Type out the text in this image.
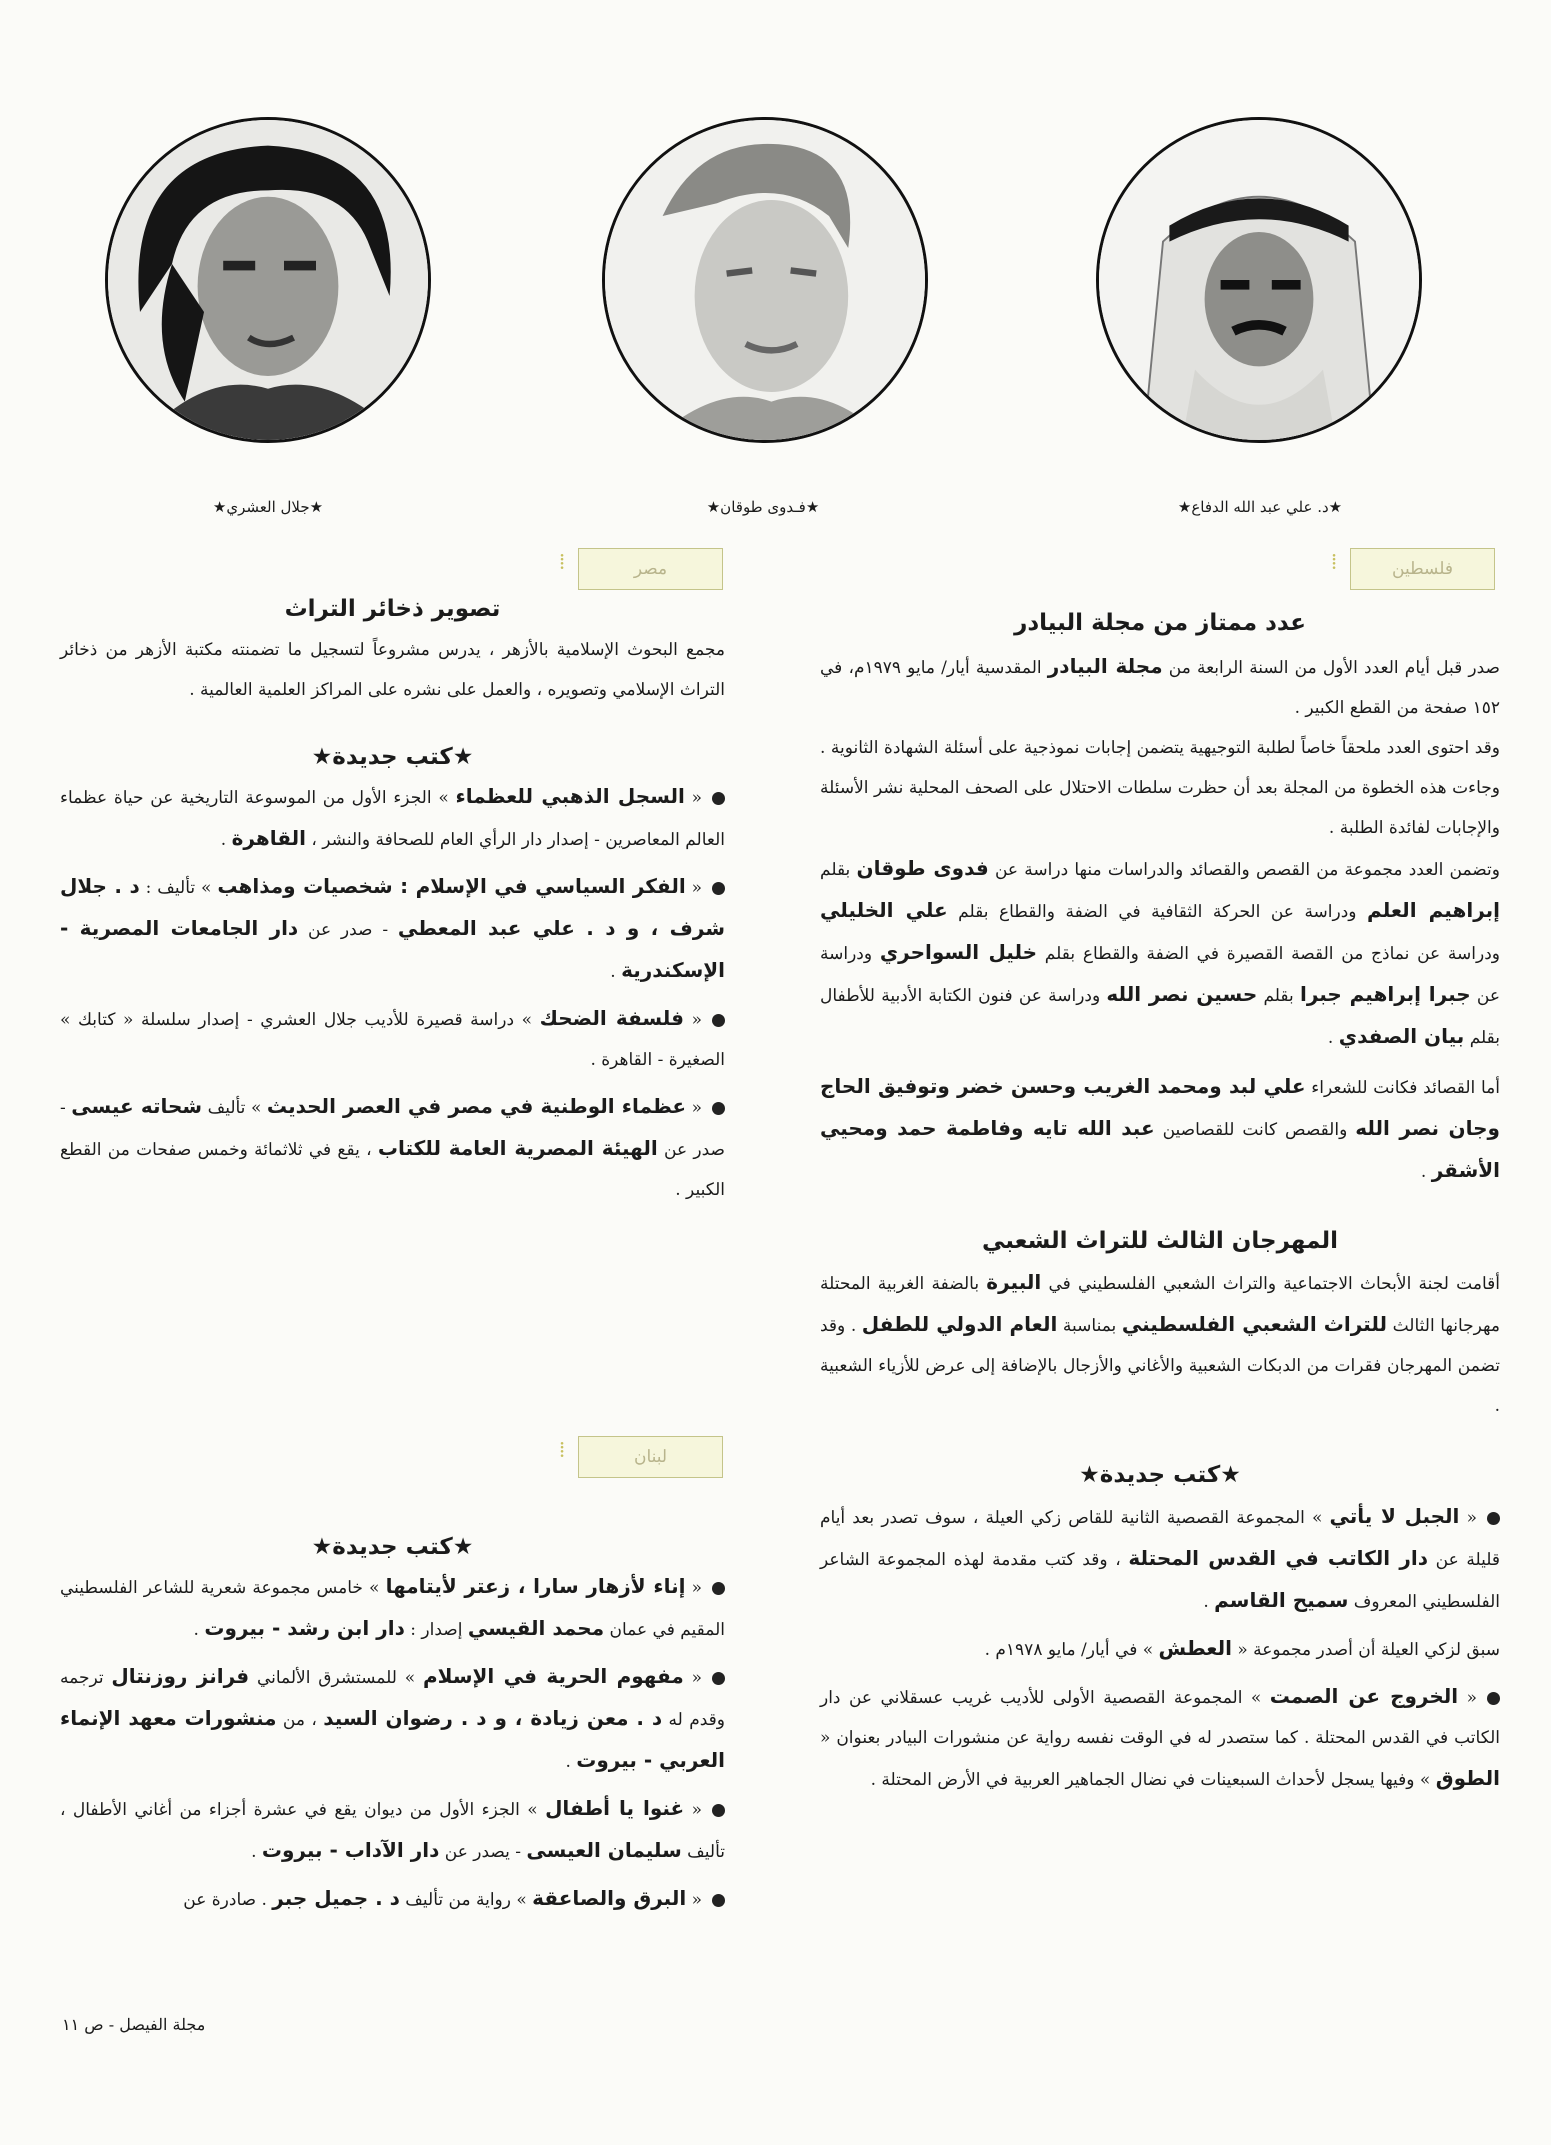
★جلال العشري★	★فـدوى طوقان★	★د. علي عبد الله الدفاع★
فلسطين
⁞
عدد ممتاز من مجلة البيادر

صدر قبل أيام العدد الأول من السنة الرابعة من مجلة البيادر المقدسية أيار/ مايو ١٩٧٩م، في ١٥٢ صفحة من القطع الكبير .

وقد احتوى العدد ملحقاً خاصاً لطلبة التوجيهية يتضمن إجابات نموذجية على أسئلة الشهادة الثانوية . وجاءت هذه الخطوة من المجلة بعد أن حظرت سلطات الاحتلال على الصحف المحلية نشر الأسئلة والإجابات لفائدة الطلبة .

وتضمن العدد مجموعة من القصص والقصائد والدراسات منها دراسة عن فدوى طوقان بقلم إبراهيم العلم ودراسة عن الحركة الثقافية في الضفة والقطاع بقلم علي الخليلي ودراسة عن نماذج من القصة القصيرة في الضفة والقطاع بقلم خليل السواحري ودراسة عن جبرا إبراهيم جبرا بقلم حسين نصر الله ودراسة عن فنون الكتابة الأدبية للأطفال بقلم بيان الصفدي .

أما القصائد فكانت للشعراء علي لبد ومحمد الغريب وحسن خضر وتوفيق الحاج وجان نصر الله والقصص كانت للقصاصين عبد الله تايه وفاطمة حمد ومحيي الأشقر .

المهرجان الثالث للتراث الشعبي

أقامت لجنة الأبحاث الاجتماعية والتراث الشعبي الفلسطيني في البيرة بالضفة الغربية المحتلة مهرجانها الثالث للتراث الشعبي الفلسطيني بمناسبة العام الدولي للطفل . وقد تضمن المهرجان فقرات من الدبكات الشعبية والأغاني والأزجال بالإضافة إلى عرض للأزياء الشعبية .

★كتب جديدة★

« الجبل لا يأتي » المجموعة القصصية الثانية للقاص زكي العيلة ، سوف تصدر بعد أيام قليلة عن دار الكاتب في القدس المحتلة ، وقد كتب مقدمة لهذه المجموعة الشاعر الفلسطيني المعروف سميح القاسم .

سبق لزكي العيلة أن أصدر مجموعة « العطش » في أيار/ مايو ١٩٧٨م .

« الخروج عن الصمت » المجموعة القصصية الأولى للأديب غريب عسقلاني عن دار الكاتب في القدس المحتلة . كما ستصدر له في الوقت نفسه رواية عن منشورات البيادر بعنوان « الطوق » وفيها يسجل لأحداث السبعينات في نضال الجماهير العربية في الأرض المحتلة .

مصر
⁞
تصوير ذخائر التراث

مجمع البحوث الإسلامية بالأزهر ، يدرس مشروعاً لتسجيل ما تضمنته مكتبة الأزهر من ذخائر التراث الإسلامي وتصويره ، والعمل على نشره على المراكز العلمية العالمية .

★كتب جديدة★

« السجل الذهبي للعظماء » الجزء الأول من الموسوعة التاريخية عن حياة عظماء العالم المعاصرين - إصدار دار الرأي العام للصحافة والنشر ، القاهرة .

« الفكر السياسي في الإسلام : شخصيات ومذاهب » تأليف : د . جلال شرف ، و د . علي عبد المعطي - صدر عن دار الجامعات المصرية - الإسكندرية .

« فلسفة الضحك » دراسة قصيرة للأديب جلال العشري - إصدار سلسلة « كتابك » الصغيرة - القاهرة .

« عظماء الوطنية في مصر في العصر الحديث » تأليف شحاته عيسى - صدر عن الهيئة المصرية العامة للكتاب ، يقع في ثلاثمائة وخمس صفحات من القطع الكبير .

لبنان
⁞
★كتب جديدة★

« إناء لأزهار سارا ، زعتر لأيتامها » خامس مجموعة شعرية للشاعر الفلسطيني المقيم في عمان محمد القيسي إصدار : دار ابن رشد - بيروت .

« مفهوم الحرية في الإسلام » للمستشرق الألماني فرانز روزنتال ترجمه وقدم له د . معن زيادة ، و د . رضوان السيد ، من منشورات معهد الإنماء العربي - بيروت .

« غنوا يا أطفال » الجزء الأول من ديوان يقع في عشرة أجزاء من أغاني الأطفال ، تأليف سليمان العيسى - يصدر عن دار الآداب - بيروت .

« البرق والصاعقة » رواية من تأليف د . جميل جبر . صادرة عن

مجلة الفيصل - ص ١١
